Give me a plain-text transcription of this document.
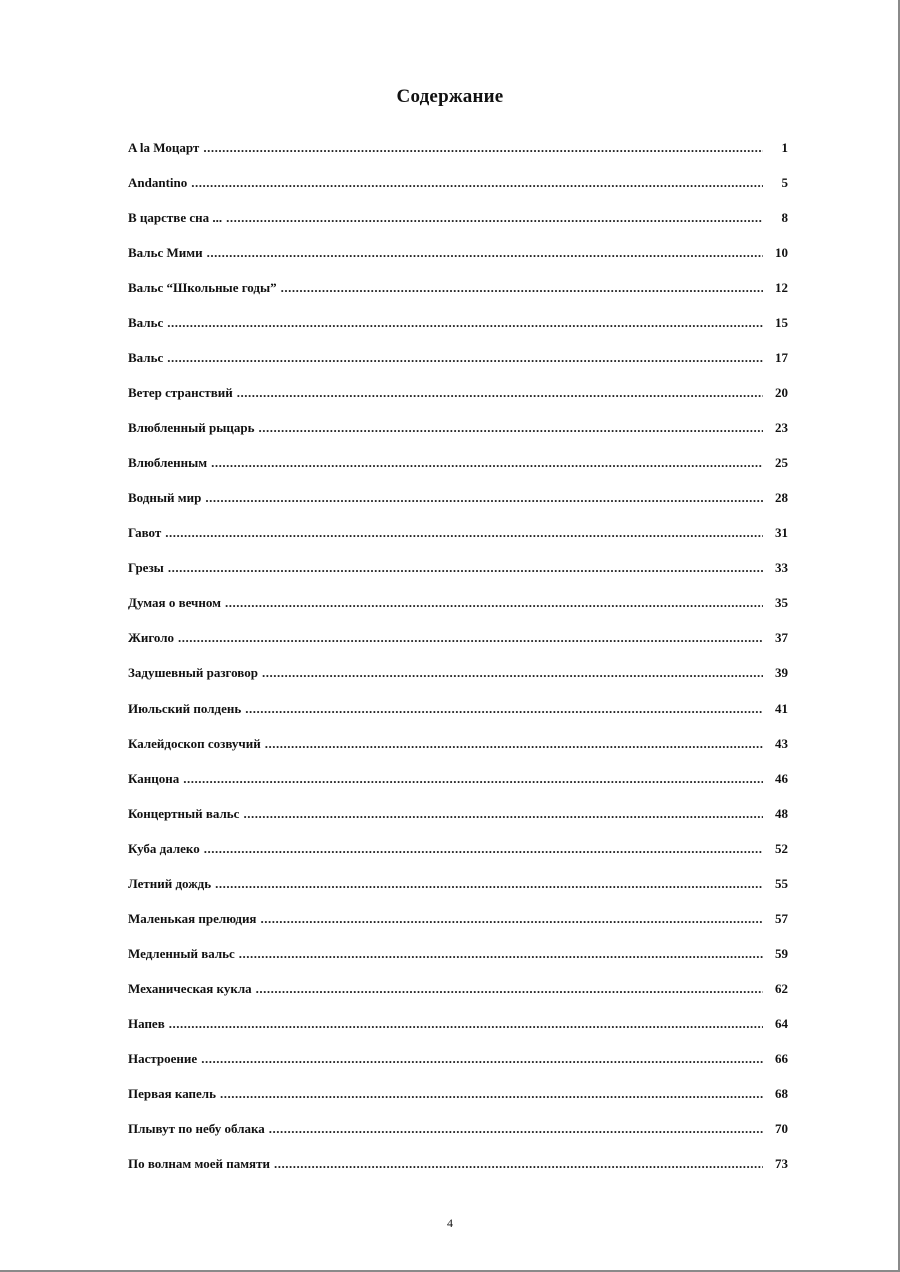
Содержание
A la Моцарт .....	1
Andantino .....	5
В царстве сна ... .....	8
Вальс Мими .....	10
Вальс “Школьные годы” .....	12
Вальс .....	15
Вальс .....	17
Ветер странствий .....	20
Влюбленный рыцарь .....	23
Влюбленным .....	25
Водный мир .....	28
Гавот .....	31
Грезы .....	33
Думая о вечном .....	35
Жиголо .....	37
Задушевный разговор .....	39
Июльский полдень .....	41
Калейдоскоп созвучий .....	43
Канцона .....	46
Концертный вальс .....	48
Куба далеко .....	52
Летний дождь .....	55
Маленькая прелюдия .....	57
Медленный вальс .....	59
Механическая кукла .....	62
Напев .....	64
Настроение .....	66
Первая капель .....	68
Плывут по небу облака .....	70
По волнам моей памяти .....	73
4
